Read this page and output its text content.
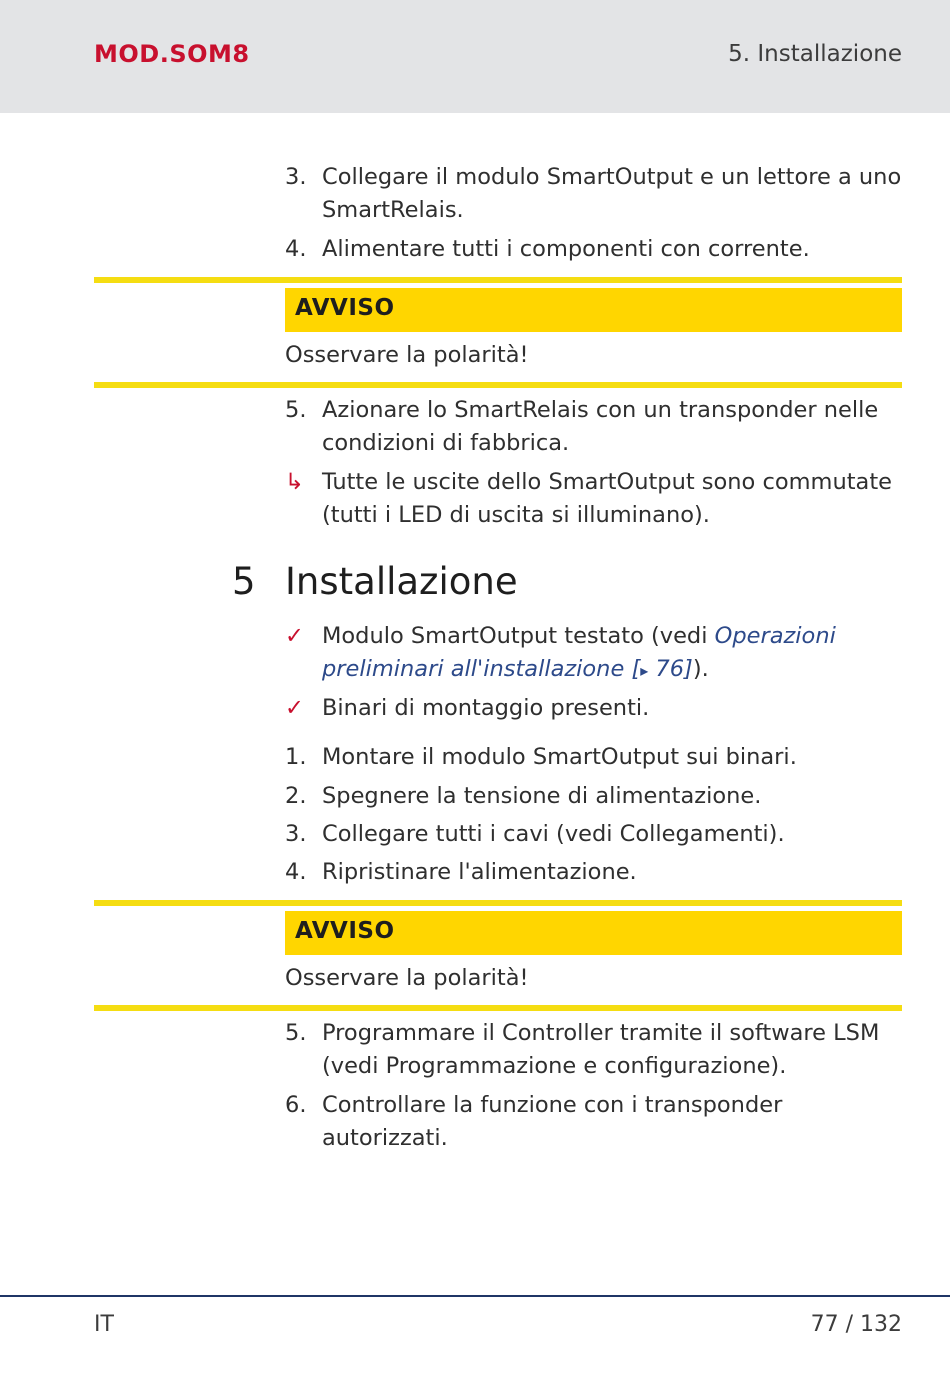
MOD.SOM8	5. Installazione
3. Collegare il modulo SmartOutput e un lettore a uno SmartRelais.
4. Alimentare tutti i componenti con corrente.
AVVISO
Osservare la polarità!
5. Azionare lo SmartRelais con un transponder nelle condizioni di fabbrica.
↳ Tutte le uscite dello SmartOutput sono commutate (tutti i LED di uscita si illuminano).
5 Installazione
✓ Modulo SmartOutput testato (vedi Operazioni preliminari all'installazione [▸ 76]).
✓ Binari di montaggio presenti.
1. Montare il modulo SmartOutput sui binari.
2. Spegnere la tensione di alimentazione.
3. Collegare tutti i cavi (vedi Collegamenti).
4. Ripristinare l'alimentazione.
AVVISO
Osservare la polarità!
5. Programmare il Controller tramite il software LSM (vedi Programmazione e configurazione).
6. Controllare la funzione con i transponder autorizzati.
IT	77 / 132
